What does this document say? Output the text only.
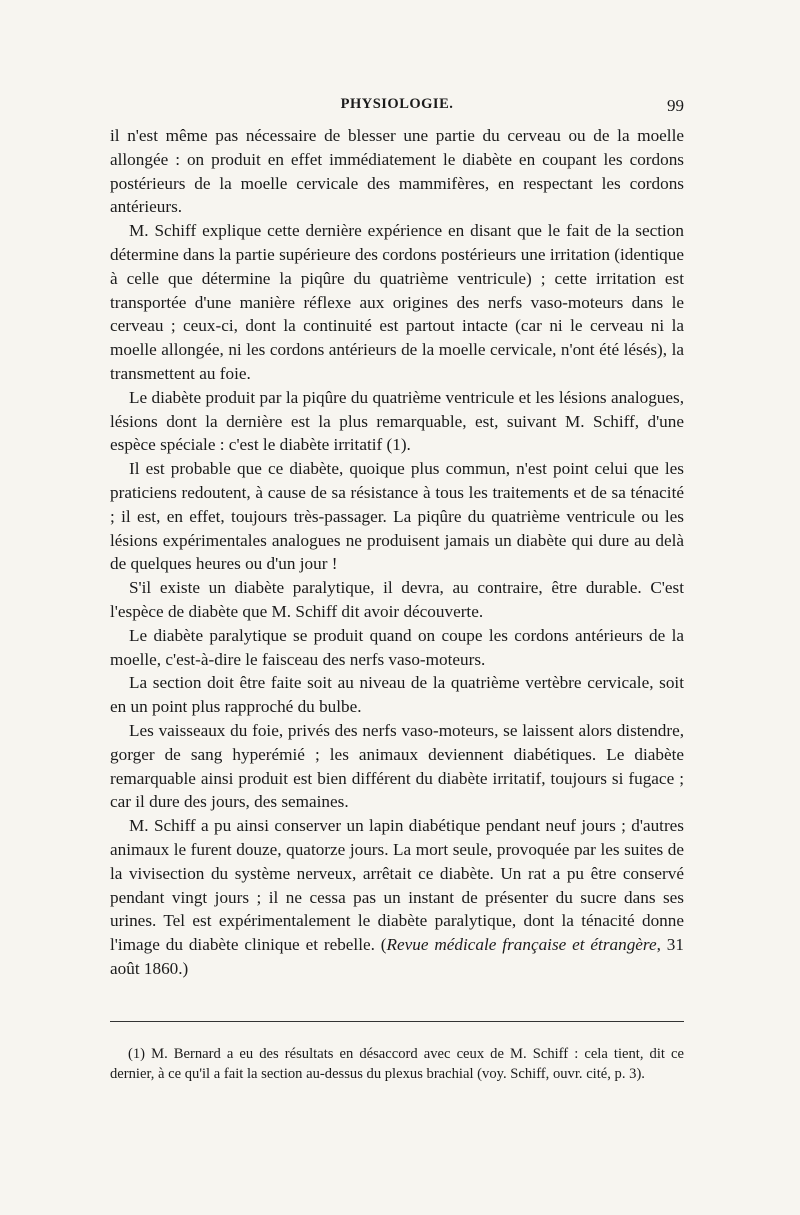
PHYSIOLOGIE.	99

il n'est même pas nécessaire de blesser une partie du cerveau ou de la moelle allongée : on produit en effet immédiatement le diabète en coupant les cordons postérieurs de la moelle cervicale des mammifères, en respectant les cordons antérieurs.

M. Schiff explique cette dernière expérience en disant que le fait de la section détermine dans la partie supérieure des cordons postérieurs une irritation (identique à celle que détermine la piqûre du quatrième ventricule) ; cette irritation est transportée d'une manière réflexe aux origines des nerfs vaso-moteurs dans le cerveau ; ceux-ci, dont la continuité est partout intacte (car ni le cerveau ni la moelle allongée, ni les cordons antérieurs de la moelle cervicale, n'ont été lésés), la transmettent au foie.

Le diabète produit par la piqûre du quatrième ventricule et les lésions analogues, lésions dont la dernière est la plus remarquable, est, suivant M. Schiff, d'une espèce spéciale : c'est le diabète irritatif (1).

Il est probable que ce diabète, quoique plus commun, n'est point celui que les praticiens redoutent, à cause de sa résistance à tous les traitements et de sa ténacité ; il est, en effet, toujours très-passager. La piqûre du quatrième ventricule ou les lésions expérimentales analogues ne produisent jamais un diabète qui dure au delà de quelques heures ou d'un jour !

S'il existe un diabète paralytique, il devra, au contraire, être durable. C'est l'espèce de diabète que M. Schiff dit avoir découverte.

Le diabète paralytique se produit quand on coupe les cordons antérieurs de la moelle, c'est-à-dire le faisceau des nerfs vaso-moteurs.

La section doit être faite soit au niveau de la quatrième vertèbre cervicale, soit en un point plus rapproché du bulbe.

Les vaisseaux du foie, privés des nerfs vaso-moteurs, se laissent alors distendre, gorger de sang hyperémié ; les animaux deviennent diabétiques. Le diabète remarquable ainsi produit est bien différent du diabète irritatif, toujours si fugace ; car il dure des jours, des semaines.

M. Schiff a pu ainsi conserver un lapin diabétique pendant neuf jours ; d'autres animaux le furent douze, quatorze jours. La mort seule, provoquée par les suites de la vivisection du système nerveux, arrêtait ce diabète. Un rat a pu être conservé pendant vingt jours ; il ne cessa pas un instant de présenter du sucre dans ses urines. Tel est expérimentalement le diabète paralytique, dont la ténacité donne l'image du diabète clinique et rebelle. (Revue médicale française et étrangère, 31 août 1860.)

(1) M. Bernard a eu des résultats en désaccord avec ceux de M. Schiff : cela tient, dit ce dernier, à ce qu'il a fait la section au-dessus du plexus brachial (voy. Schiff, ouvr. cité, p. 3).
